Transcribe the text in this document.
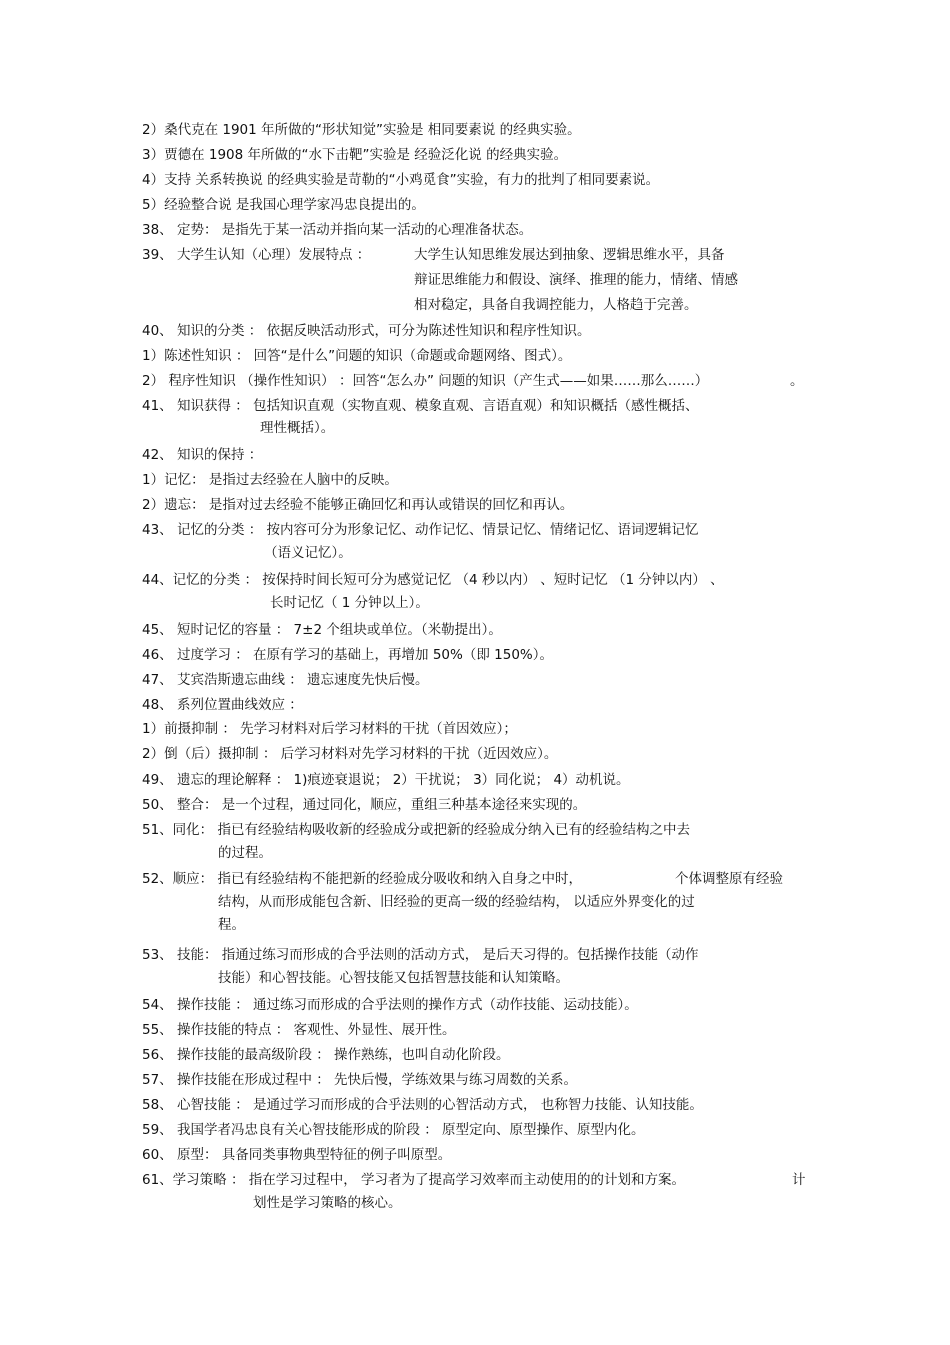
2）桑代克在 1901 年所做的“形状知觉”实验是 相同要素说 的经典实验。
3）贾德在 1908 年所做的“水下击靶”实验是 经验泛化说 的经典实验。
4）支持 关系转换说 的经典实验是苛勒的“小鸡觅食”实验，有力的批判了相同要素说。
5）经验整合说 是我国心理学家冯忠良提出的。
38、 定势： 是指先于某一活动并指向某一活动的心理准备状态。
39、 大学生认知（心理）发展特点 ：	大学生认知思维发展达到抽象、逻辑思维水平，具备
辩证思维能力和假设、演绎、推理的能力，情绪、情感
相对稳定，具备自我调控能力，人格趋于完善。
40、 知识的分类 ： 依据反映活动形式，可分为陈述性知识和程序性知识。
1）陈述性知识 ： 回答“是什么”问题的知识（命题或命题网络、图式）。
2） 程序性知识 （操作性知识） ：回答“怎么办” 问题的知识（产生式——如果……那么……）	。
41、 知识获得 ： 包括知识直观（实物直观、模象直观、言语直观）和知识概括（感性概括、
理性概括）。
42、 知识的保持 ：
1）记忆： 是指过去经验在人脑中的反映。
2）遗忘： 是指对过去经验不能够正确回忆和再认或错误的回忆和再认。
43、 记忆的分类 ： 按内容可分为形象记忆、动作记忆、情景记忆、情绪记忆、语词逻辑记忆
（语义记忆）。
44、记忆的分类 ： 按保持时间长短可分为感觉记忆 （4 秒以内） 、短时记忆 （1 分钟以内） 、
长时记忆（ 1 分钟以上）。
45、 短时记忆的容量 ： 7±2 个组块或单位。（米勒提出）。
46、 过度学习 ： 在原有学习的基础上，再增加 50%（即 150%）。
47、 艾宾浩斯遗忘曲线 ： 遗忘速度先快后慢。
48、 系列位置曲线效应 ：
1）前摄抑制 ： 先学习材料对后学习材料的干扰（首因效应）；
2）倒（后）摄抑制 ： 后学习材料对先学习材料的干扰（近因效应）。
49、 遗忘的理论解释 ： 1)痕迹衰退说； 2）干扰说； 3）同化说； 4）动机说。
50、 整合： 是一个过程，通过同化，顺应，重组三种基本途径来实现的。
51、同化： 指已有经验结构吸收新的经验成分或把新的经验成分纳入已有的经验结构之中去
的过程。
52、顺应： 指已有经验结构不能把新的经验成分吸收和纳入自身之中时，	个体调整原有经验
结构，从而形成能包含新、旧经验的更高一级的经验结构， 以适应外界变化的过
程。
53、 技能： 指通过练习而形成的合乎法则的活动方式， 是后天习得的。包括操作技能（动作
技能）和心智技能。心智技能又包括智慧技能和认知策略。
54、 操作技能 ： 通过练习而形成的合乎法则的操作方式（动作技能、运动技能）。
55、 操作技能的特点 ： 客观性、外显性、展开性。
56、 操作技能的最高级阶段 ： 操作熟练，也叫自动化阶段。
57、 操作技能在形成过程中 ： 先快后慢，学练效果与练习周数的关系。
58、 心智技能 ： 是通过学习而形成的合乎法则的心智活动方式， 也称智力技能、认知技能。
59、 我国学者冯忠良有关心智技能形成的阶段 ： 原型定向、原型操作、原型内化。
60、 原型： 具备同类事物典型特征的例子叫原型。
61、学习策略 ： 指在学习过程中， 学习者为了提高学习效率而主动使用的的计划和方案。	计
划性是学习策略的核心。
